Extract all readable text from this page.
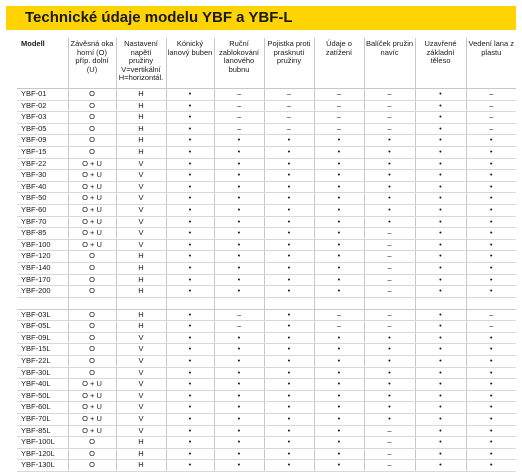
Technické údaje modelu YBF a YBF-L
Modell	Závěsná oka horní (O) příp. dolní (U)	Nastavení napětí pružiny V=vertikální H=horizontál.	Kónický lanový buben	Ruční zablokování lanového bubnu	Pojistka proti prasknutí pružiny	Údaje o zatížení	Balíček pružin navíc	Uzavřené základní těleso	Vedení lana z plastu
YBF-01	O	H	•	–	–	–	–	•	–
YBF-02	O	H	•	–	–	–	–	•	–
YBF-03	O	H	•	–	–	–	–	•	–
YBF-05	O	H	•	–	–	–	–	•	–
YBF-09	O	H	•	•	•	•	•	•	•
YBF-15	O	H	•	•	•	•	•	•	•
YBF-22	O + U	V	•	•	•	•	•	•	•
YBF-30	O + U	V	•	•	•	•	•	•	•
YBF-40	O + U	V	•	•	•	•	•	•	•
YBF-50	O + U	V	•	•	•	•	•	•	•
YBF-60	O + U	V	•	•	•	•	•	•	•
YBF-70	O + U	V	•	•	•	•	•	•	•
YBF-85	O + U	V	•	•	•	•	–	•	•
YBF-100	O + U	V	•	•	•	•	–	•	•
YBF-120	O	H	•	•	•	•	–	•	•
YBF-140	O	H	•	•	•	•	–	•	•
YBF-170	O	H	•	•	•	•	–	•	•
YBF-200	O	H	•	•	•	•	–	•	•

YBF-03L	O	H	•	–	•	–	–	•	–
YBF-05L	O	H	•	–	•	–	–	•	–
YBF-09L	O	V	•	•	•	•	•	•	•
YBF-15L	O	V	•	•	•	•	•	•	•
YBF-22L	O	V	•	•	•	•	•	•	•
YBF-30L	O	V	•	•	•	•	•	•	•
YBF-40L	O + U	V	•	•	•	•	•	•	•
YBF-50L	O + U	V	•	•	•	•	•	•	•
YBF-60L	O + U	V	•	•	•	•	•	•	•
YBF-70L	O + U	V	•	•	•	•	•	•	•
YBF-85L	O + U	V	•	•	•	•	–	•	•
YBF-100L	O	H	•	•	•	•	–	•	•
YBF-120L	O	H	•	•	•	•	–	•	•
YBF-130L	O	H	•	•	•	•	–	•	•
